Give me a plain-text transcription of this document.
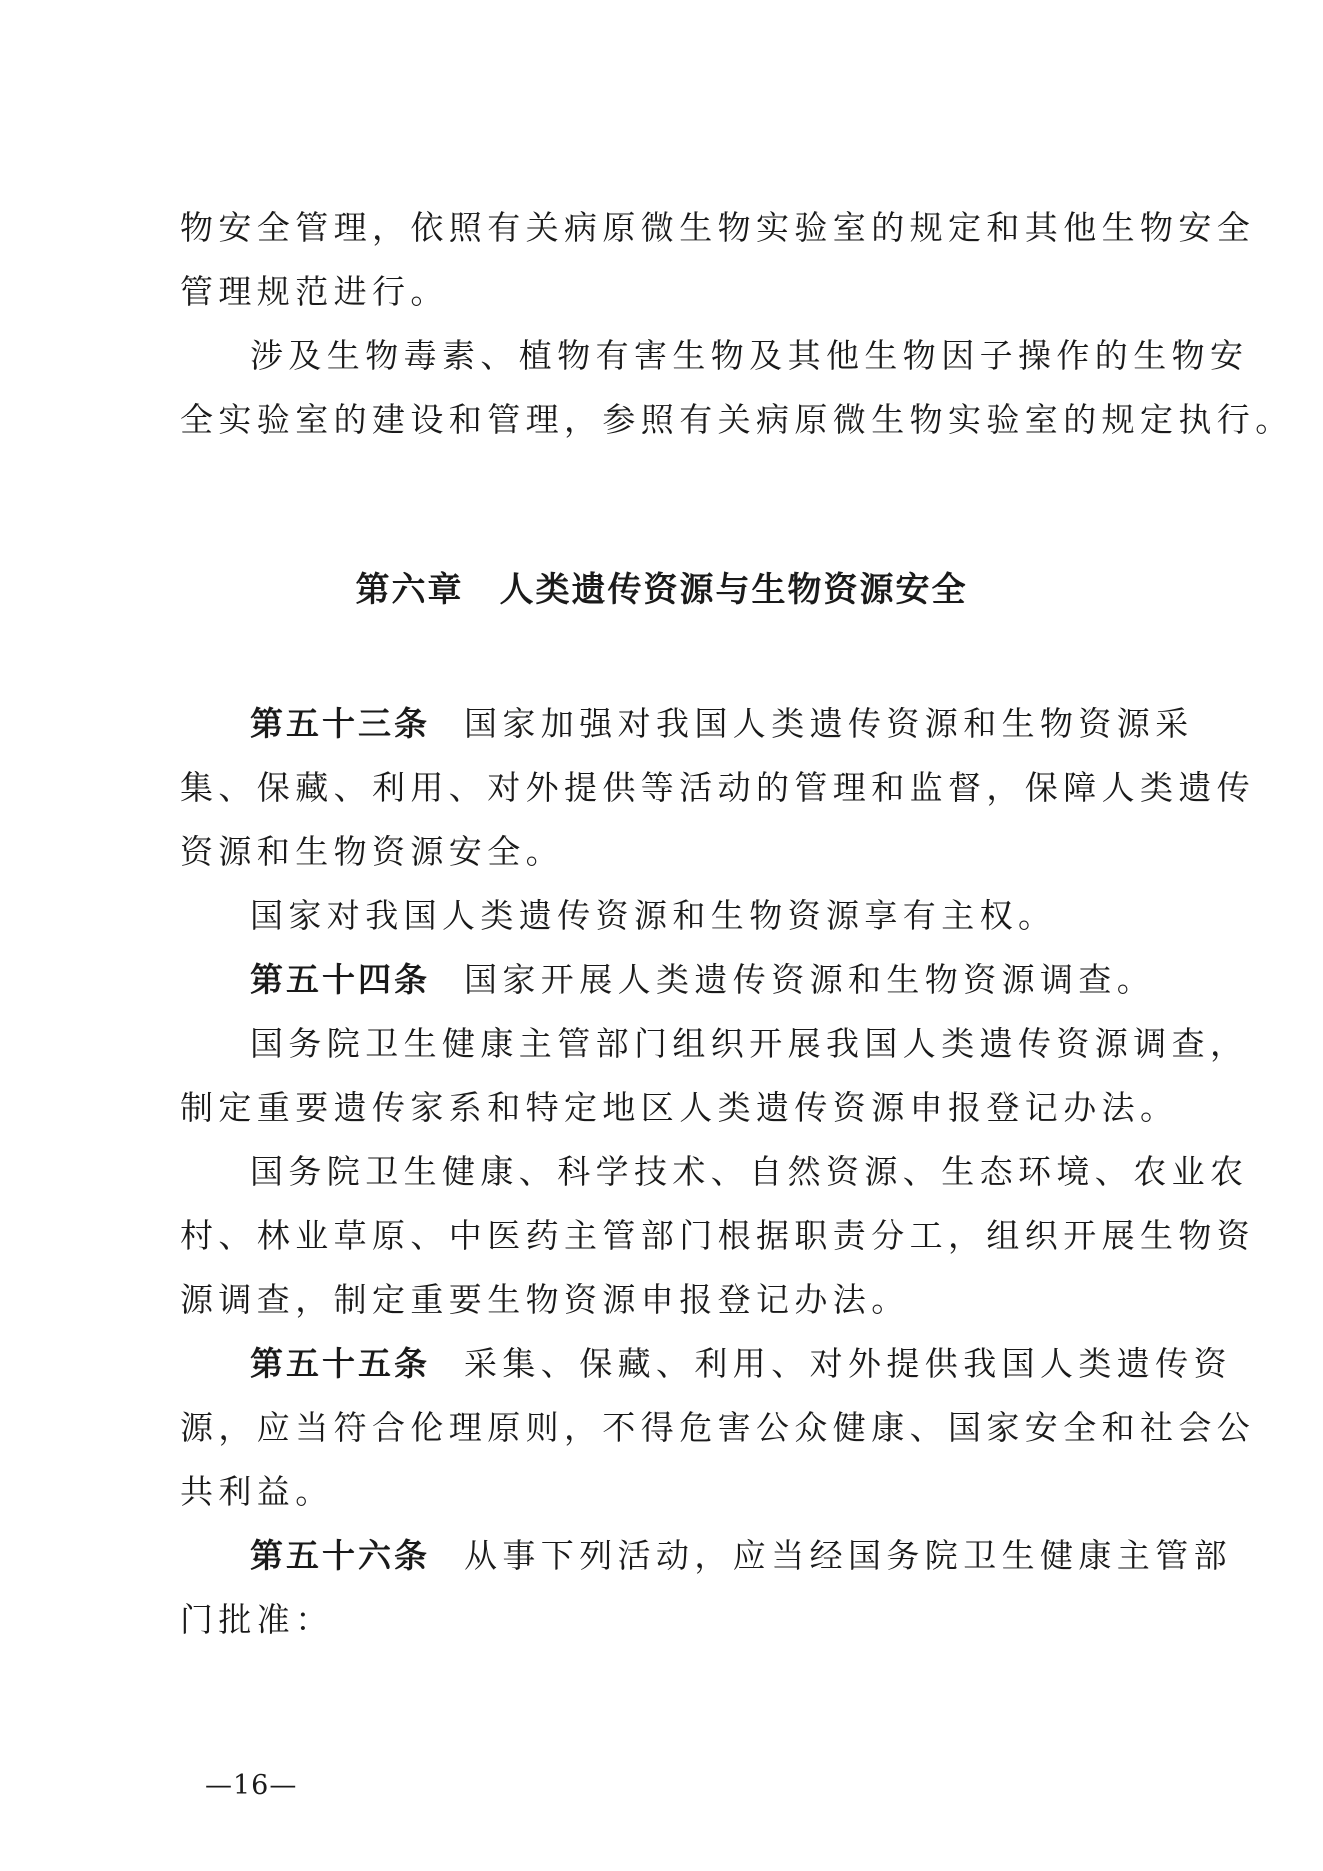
物安全管理，依照有关病原微生物实验室的规定和其他生物安全
管理规范进行。
涉及生物毒素、植物有害生物及其他生物因子操作的生物安
全实验室的建设和管理，参照有关病原微生物实验室的规定执行。
第六章 人类遗传资源与生物资源安全
第五十三条 国家加强对我国人类遗传资源和生物资源采
集、保藏、利用、对外提供等活动的管理和监督，保障人类遗传
资源和生物资源安全。
国家对我国人类遗传资源和生物资源享有主权。
第五十四条 国家开展人类遗传资源和生物资源调查。
国务院卫生健康主管部门组织开展我国人类遗传资源调查，
制定重要遗传家系和特定地区人类遗传资源申报登记办法。
国务院卫生健康、科学技术、自然资源、生态环境、农业农
村、林业草原、中医药主管部门根据职责分工，组织开展生物资
源调查，制定重要生物资源申报登记办法。
第五十五条 采集、保藏、利用、对外提供我国人类遗传资
源，应当符合伦理原则，不得危害公众健康、国家安全和社会公
共利益。
第五十六条 从事下列活动，应当经国务院卫生健康主管部
门批准：
—16—
